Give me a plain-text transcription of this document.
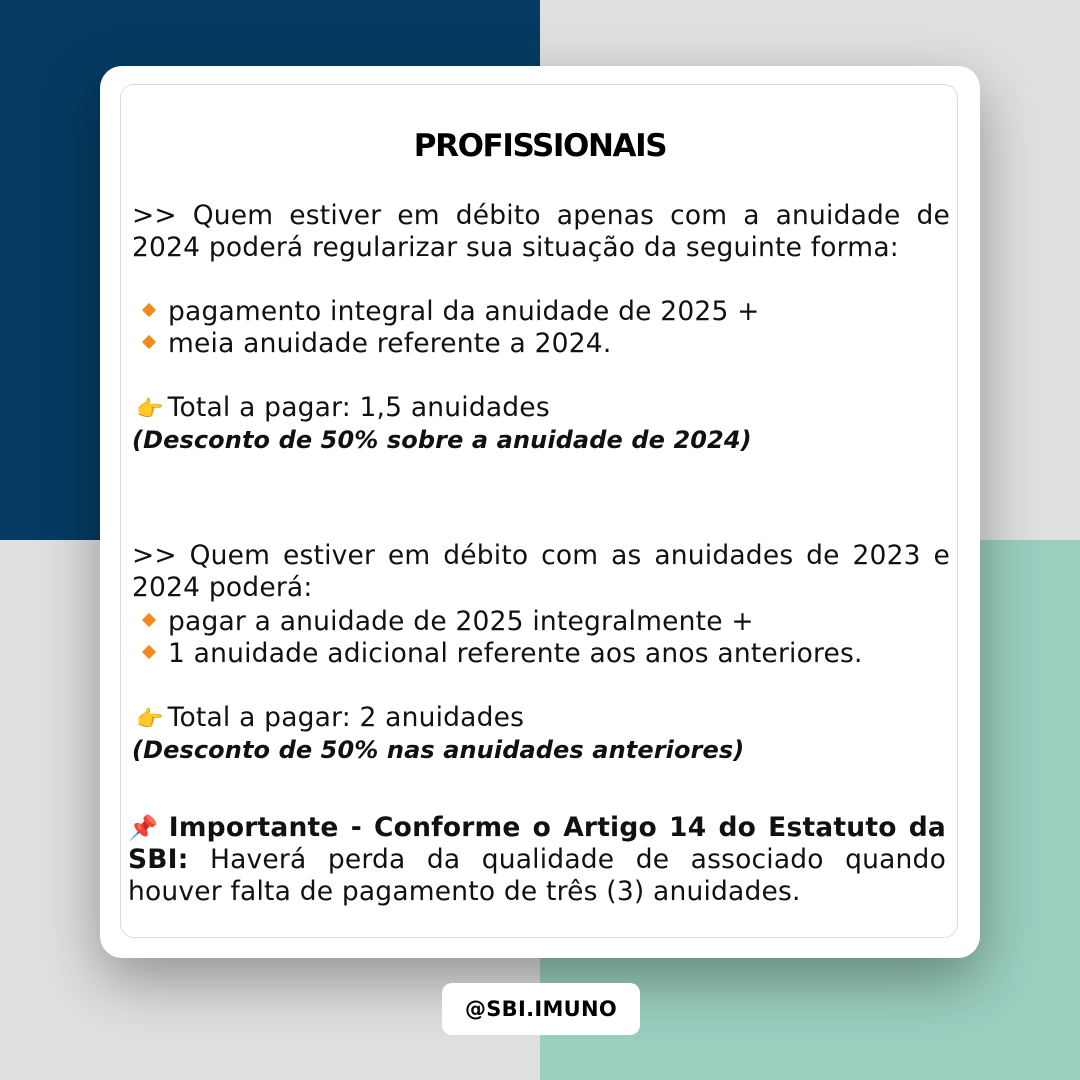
PROFISSIONAIS
>> Quem estiver em débito apenas com a anuidade de 2024 poderá regularizar sua situação da seguinte forma:
pagamento integral da anuidade de 2025 +
meia anuidade referente a 2024.
👉 Total a pagar: 1,5 anuidades
(Desconto de 50% sobre a anuidade de 2024)
>> Quem estiver em débito com as anuidades de 2023 e 2024 poderá:
pagar a anuidade de 2025 integralmente +
1 anuidade adicional referente aos anos anteriores.
👉 Total a pagar: 2 anuidades
(Desconto de 50% nas anuidades anteriores)
📌 Importante - Conforme o Artigo 14 do Estatuto da SBI: Haverá perda da qualidade de associado quando houver falta de pagamento de três (3) anuidades.
@SBI.IMUNO
